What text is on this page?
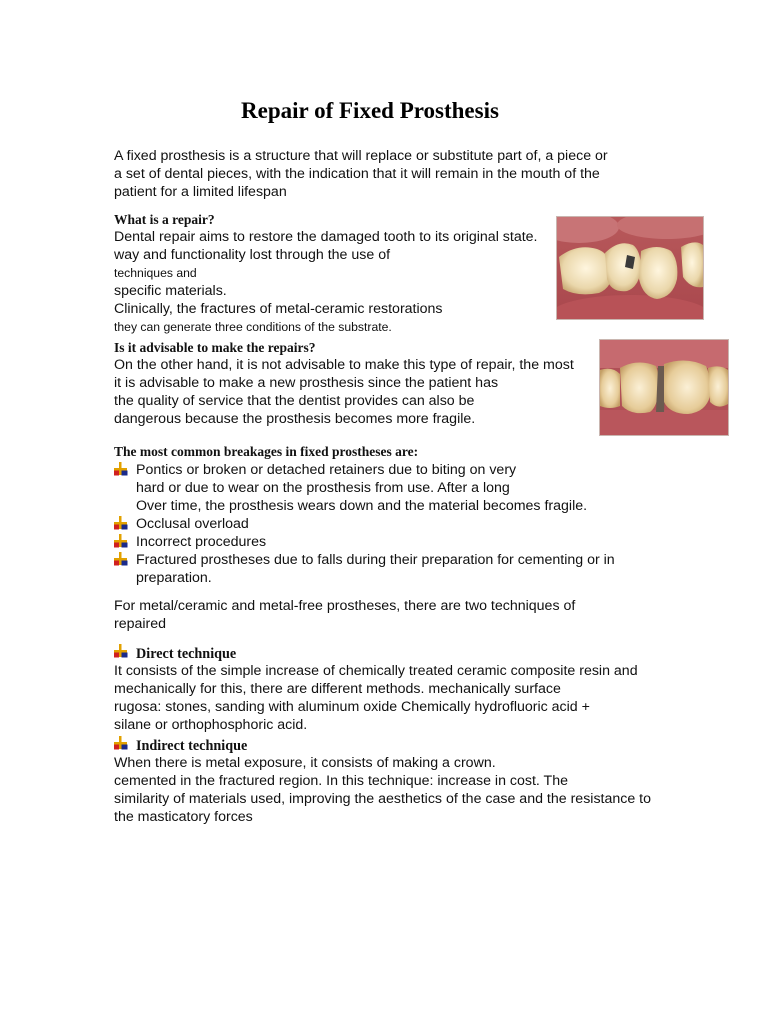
Repair of Fixed Prosthesis
A fixed prosthesis is a structure that will replace or substitute part of, a piece or
a set of dental pieces, with the indication that it will remain in the mouth of the
patient for a limited lifespan
What is a repair?
Dental repair aims to restore the damaged tooth to its original state.
way and functionality lost through the use of
techniques and
specific materials.
Clinically, the fractures of metal-ceramic restorations
they can generate three conditions of the substrate.
Is it advisable to make the repairs?
On the other hand, it is not advisable to make this type of repair, the most
it is advisable to make a new prosthesis since the patient has
the quality of service that the dentist provides can also be
dangerous because the prosthesis becomes more fragile.
The most common breakages in fixed prostheses are:
Pontics or broken or detached retainers due to biting on very
hard or due to wear on the prosthesis from use. After a long
Over time, the prosthesis wears down and the material becomes fragile.
Occlusal overload
Incorrect procedures
Fractured prostheses due to falls during their preparation for cementing or in
preparation.
For metal/ceramic and metal-free prostheses, there are two techniques of
repaired
Direct technique
It consists of the simple increase of chemically treated ceramic composite resin and
mechanically for this, there are different methods. mechanically surface
rugosa: stones, sanding with aluminum oxide Chemically hydrofluoric acid +
silane or orthophosphoric acid.
Indirect technique
When there is metal exposure, it consists of making a crown.
cemented in the fractured region. In this technique: increase in cost. The
similarity of materials used, improving the aesthetics of the case and the resistance to
the masticatory forces
